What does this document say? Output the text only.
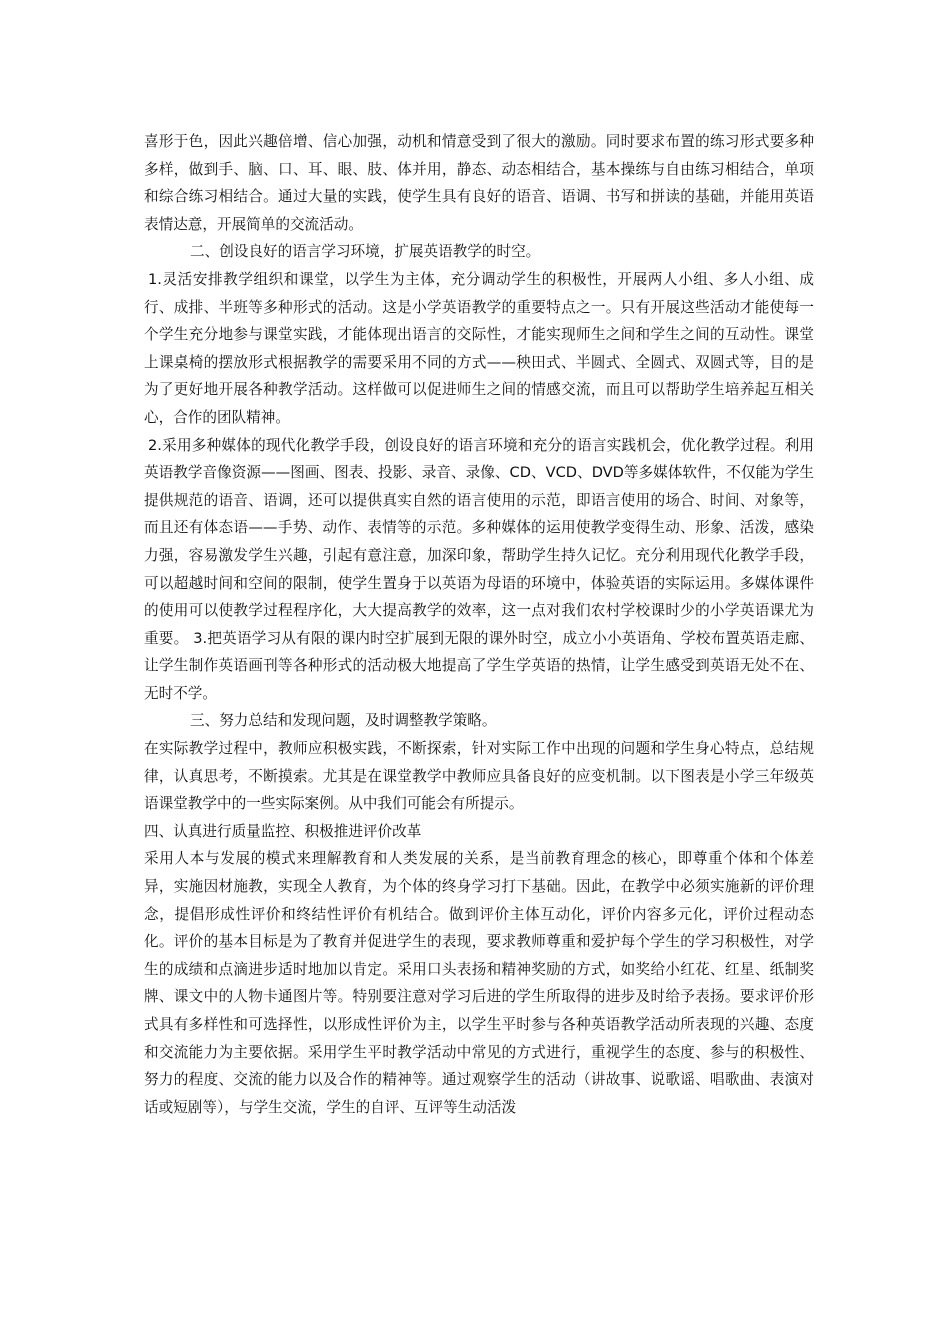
喜形于色，因此兴趣倍增、信心加强，动机和情意受到了很大的激励。同时要求布置的练习形式要多种多样，做到手、脑、口、耳、眼、肢、体并用，静态、动态相结合，基本操练与自由练习相结合，单项和综合练习相结合。通过大量的实践，使学生具有良好的语音、语调、书写和拼读的基础，并能用英语表情达意，开展简单的交流活动。

二、创设良好的语言学习环境，扩展英语教学的时空。

1.灵活安排教学组织和课堂，以学生为主体，充分调动学生的积极性，开展两人小组、多人小组、成行、成排、半班等多种形式的活动。这是小学英语教学的重要特点之一。只有开展这些活动才能使每一个学生充分地参与课堂实践，才能体现出语言的交际性，才能实现师生之间和学生之间的互动性。课堂上课桌椅的摆放形式根据教学的需要采用不同的方式——秧田式、半圆式、全圆式、双圆式等，目的是为了更好地开展各种教学活动。这样做可以促进师生之间的情感交流，而且可以帮助学生培养起互相关心，合作的团队精神。

2.采用多种媒体的现代化教学手段，创设良好的语言环境和充分的语言实践机会，优化教学过程。利用英语教学音像资源——图画、图表、投影、录音、录像、CD、VCD、DVD等多媒体软件，不仅能为学生提供规范的语音、语调，还可以提供真实自然的语言使用的示范，即语言使用的场合、时间、对象等，而且还有体态语——手势、动作、表情等的示范。多种媒体的运用使教学变得生动、形象、活泼，感染力强，容易激发学生兴趣，引起有意注意，加深印象，帮助学生持久记忆。充分利用现代化教学手段，可以超越时间和空间的限制，使学生置身于以英语为母语的环境中，体验英语的实际运用。多媒体课件的使用可以使教学过程程序化，大大提高教学的效率，这一点对我们农村学校课时少的小学英语课尤为重要。 3.把英语学习从有限的课内时空扩展到无限的课外时空，成立小小英语角、学校布置英语走廊、让学生制作英语画刊等各种形式的活动极大地提高了学生学英语的热情，让学生感受到英语无处不在、无时不学。

三、努力总结和发现问题，及时调整教学策略。

在实际教学过程中，教师应积极实践，不断探索，针对实际工作中出现的问题和学生身心特点，总结规律，认真思考，不断摸索。尤其是在课堂教学中教师应具备良好的应变机制。以下图表是小学三年级英语课堂教学中的一些实际案例。从中我们可能会有所提示。

四、认真进行质量监控、积极推进评价改革

采用人本与发展的模式来理解教育和人类发展的关系，是当前教育理念的核心，即尊重个体和个体差异，实施因材施教，实现全人教育，为个体的终身学习打下基础。因此，在教学中必须实施新的评价理念，提倡形成性评价和终结性评价有机结合。做到评价主体互动化，评价内容多元化，评价过程动态化。评价的基本目标是为了教育并促进学生的表现，要求教师尊重和爱护每个学生的学习积极性，对学生的成绩和点滴进步适时地加以肯定。采用口头表扬和精神奖励的方式，如奖给小红花、红星、纸制奖牌、课文中的人物卡通图片等。特别要注意对学习后进的学生所取得的进步及时给予表扬。要求评价形式具有多样性和可选择性，以形成性评价为主，以学生平时参与各种英语教学活动所表现的兴趣、态度和交流能力为主要依据。采用学生平时教学活动中常见的方式进行，重视学生的态度、参与的积极性、努力的程度、交流的能力以及合作的精神等。通过观察学生的活动（讲故事、说歌谣、唱歌曲、表演对话或短剧等），与学生交流，学生的自评、互评等生动活泼
